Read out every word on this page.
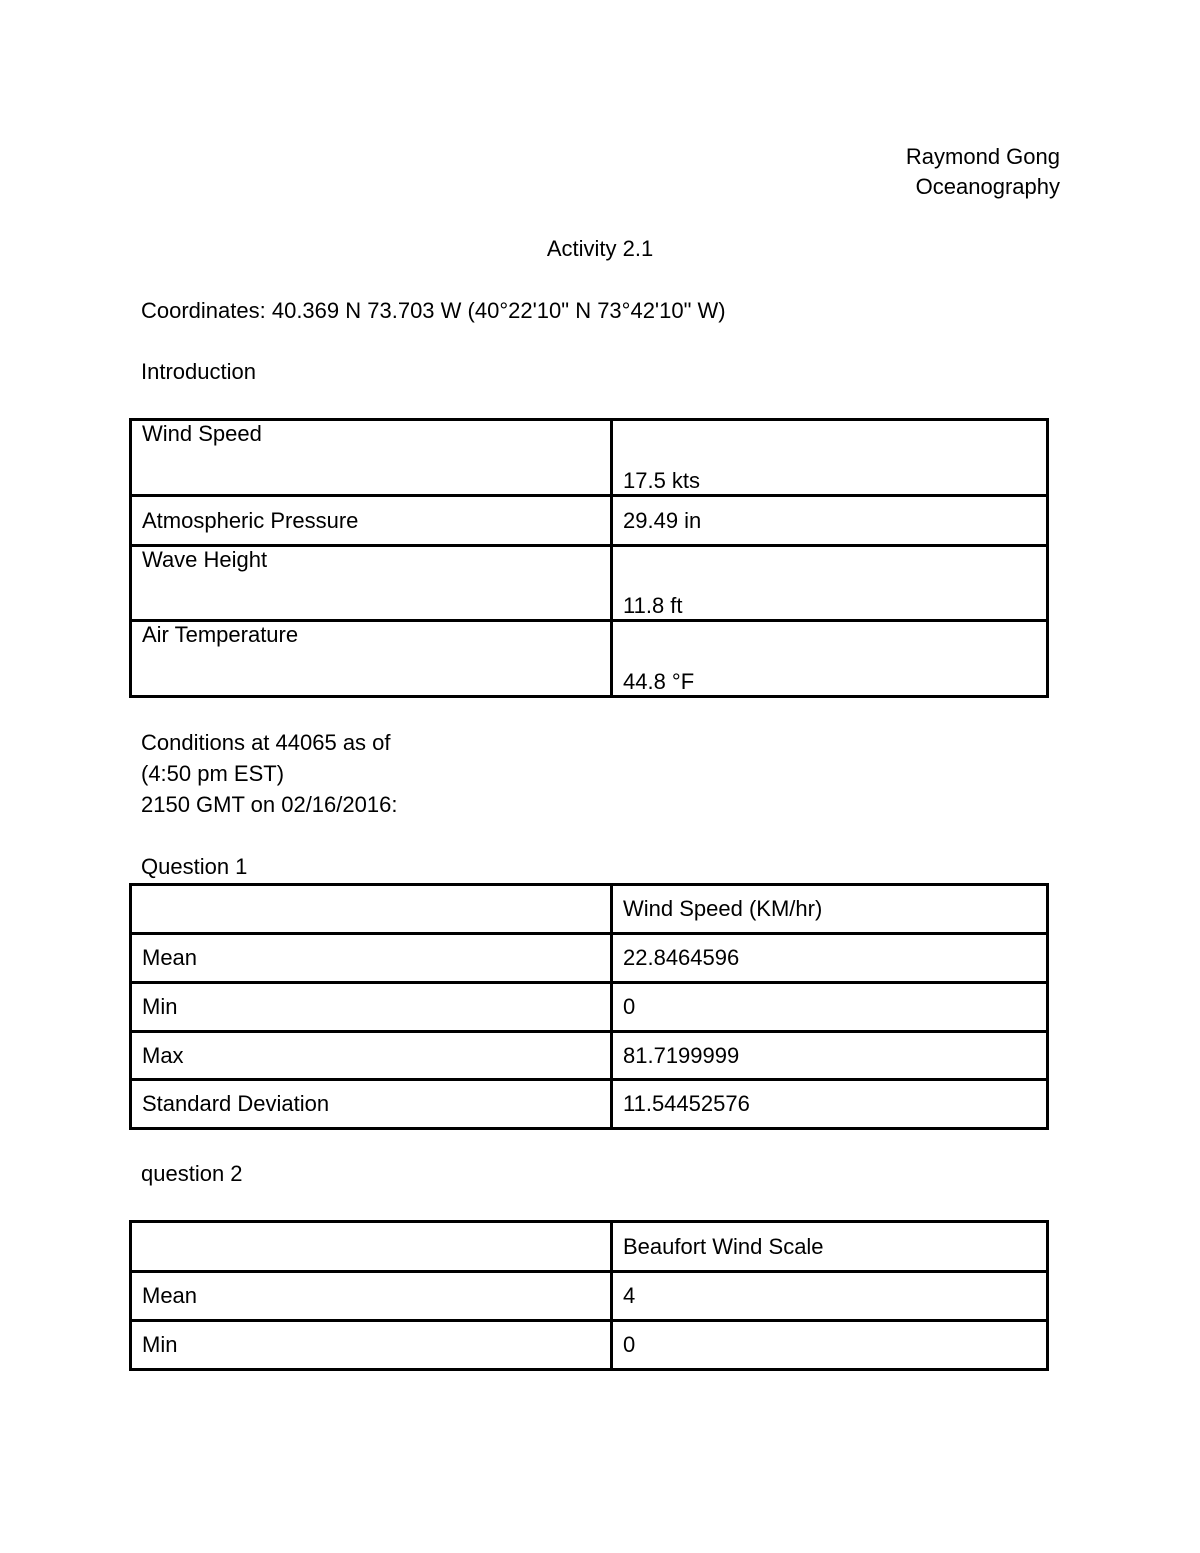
Raymond Gong
Oceanography
Activity 2.1
Coordinates: 40.369 N 73.703 W (40°22'10" N 73°42'10" W)
Introduction
Wind Speed	17.5 kts
Atmospheric Pressure	29.49 in
Wave Height	11.8 ft
Air Temperature	44.8 °F
Conditions at 44065 as of
(4:50 pm EST)
2150 GMT on 02/16/2016:
Question 1
	Wind Speed (KM/hr)
Mean	22.8464596
Min	0
Max	81.7199999
Standard Deviation	11.54452576
question 2
	Beaufort Wind Scale
Mean	4
Min	0
